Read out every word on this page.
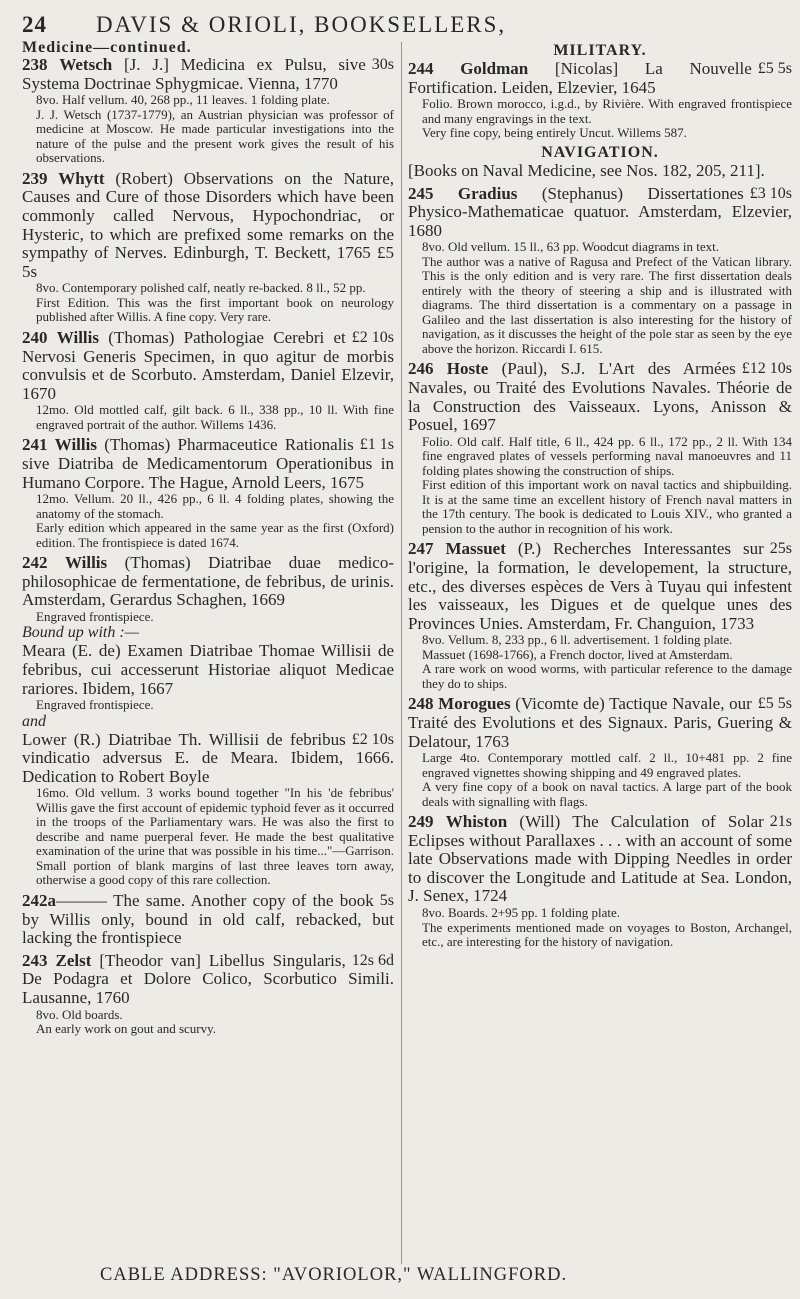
24 DAVIS & ORIOLI, BOOKSELLERS,
Medicine—continued.
30s
238 Wetsch [J. J.] Medicina ex Pulsu, sive Systema Doctrinae Sphygmicae. Vienna, 1770
8vo. Half vellum. 40, 268 pp., 11 leaves. 1 folding plate.
J. J. Wetsch (1737-1779), an Austrian physician was professor of medicine at Moscow. He made particular investigations into the nature of the pulse and the present work gives the result of his observations.
239 Whytt (Robert) Observations on the Nature, Causes and Cure of those Disorders which have been commonly called Nervous, Hypochondriac, or Hysteric, to which are prefixed some remarks on the sympathy of Nerves. Edinburgh, T. Beckett, 1765 £5 5s
8vo. Contemporary polished calf, neatly re-backed. 8 ll., 52 pp.
First Edition. This was the first important book on neurology published after Willis. A fine copy. Very rare.
£2 10s
240 Willis (Thomas) Pathologiae Cerebri et Nervosi Generis Specimen, in quo agitur de morbis convulsis et de Scorbuto. Amsterdam, Daniel Elzevir, 1670
12mo. Old mottled calf, gilt back. 6 ll., 338 pp., 10 ll. With fine engraved portrait of the author. Willems 1436.
£1 1s
241 Willis (Thomas) Pharmaceutice Rationalis sive Diatriba de Medicamentorum Operationibus in Humano Corpore. The Hague, Arnold Leers, 1675
12mo. Vellum. 20 ll., 426 pp., 6 ll. 4 folding plates, showing the anatomy of the stomach.
Early edition which appeared in the same year as the first (Oxford) edition. The frontispiece is dated 1674.
242 Willis (Thomas) Diatribae duae medico-philosophicae de fermentatione, de febribus, de urinis. Amsterdam, Gerardus Schaghen, 1669
Engraved frontispiece.
Bound up with :—
Meara (E. de) Examen Diatribae Thomae Willisii de febribus, cui accesserunt Historiae aliquot Medicae rariores. Ibidem, 1667
Engraved frontispiece.
and
£2 10s
Lower (R.) Diatribae Th. Willisii de febribus vindicatio adversus E. de Meara. Ibidem, 1666. Dedication to Robert Boyle
16mo. Old vellum. 3 works bound together "In his 'de febribus' Willis gave the first account of epidemic typhoid fever as it occurred in the troops of the Parliamentary wars. He was also the first to describe and name puerperal fever. He made the best qualitative examination of the urine that was possible in his time..."—Garrison. Small portion of blank margins of last three leaves torn away, otherwise a good copy of this rare collection.
5s
242a——— The same. Another copy of the book by Willis only, bound in old calf, rebacked, but lacking the frontispiece
12s 6d
243 Zelst [Theodor van] Libellus Singularis, De Podagra et Dolore Colico, Scorbutico Simili. Lausanne, 1760
8vo. Old boards.
An early work on gout and scurvy.
MILITARY.
£5 5s
244 Goldman [Nicolas] La Nouvelle Fortification. Leiden, Elzevier, 1645
Folio. Brown morocco, i.g.d., by Rivière. With engraved frontispiece and many engravings in the text.
Very fine copy, being entirely Uncut. Willems 587.
NAVIGATION.
[Books on Naval Medicine, see Nos. 182, 205, 211].
£3 10s
245 Gradius (Stephanus) Dissertationes Physico-Mathematicae quatuor. Amsterdam, Elzevier, 1680
8vo. Old vellum. 15 ll., 63 pp. Woodcut diagrams in text.
The author was a native of Ragusa and Prefect of the Vatican library. This is the only edition and is very rare. The first dissertation deals entirely with the theory of steering a ship and is illustrated with diagrams. The third dissertation is a commentary on a passage in Galileo and the last dissertation is also interesting for the history of navigation, as it discusses the height of the pole star as seen by the eye above the horizon. Riccardi I. 615.
£12 10s
246 Hoste (Paul), S.J. L'Art des Armées Navales, ou Traité des Evolutions Navales. Théorie de la Construction des Vaisseaux. Lyons, Anisson & Posuel, 1697
Folio. Old calf. Half title, 6 ll., 424 pp. 6 ll., 172 pp., 2 ll. With 134 fine engraved plates of vessels performing naval manoeuvres and 11 folding plates showing the construction of ships.
First edition of this important work on naval tactics and shipbuilding. It is at the same time an excellent history of French naval matters in the 17th century. The book is dedicated to Louis XIV., who granted a pension to the author in recognition of his work.
25s
247 Massuet (P.) Recherches Interessantes sur l'origine, la formation, le developement, la structure, etc., des diverses espèces de Vers à Tuyau qui infestent les vaisseaux, les Digues et de quelque unes des Provinces Unies. Amsterdam, Fr. Changuion, 1733
8vo. Vellum. 8, 233 pp., 6 ll. advertisement. 1 folding plate.
Massuet (1698-1766), a French doctor, lived at Amsterdam.
A rare work on wood worms, with particular reference to the damage they do to ships.
£5 5s
248 Morogues (Vicomte de) Tactique Navale, our Traité des Evolutions et des Signaux. Paris, Guering & Delatour, 1763
Large 4to. Contemporary mottled calf. 2 ll., 10+481 pp. 2 fine engraved vignettes showing shipping and 49 engraved plates.
A very fine copy of a book on naval tactics. A large part of the book deals with signalling with flags.
21s
249 Whiston (Will) The Calculation of Solar Eclipses without Parallaxes . . . with an account of some late Observations made with Dipping Needles in order to discover the Longitude and Latitude at Sea. London, J. Senex, 1724
8vo. Boards. 2+95 pp. 1 folding plate.
The experiments mentioned made on voyages to Boston, Archangel, etc., are interesting for the history of navigation.
CABLE ADDRESS: "AVORIOLOR," WALLINGFORD.
